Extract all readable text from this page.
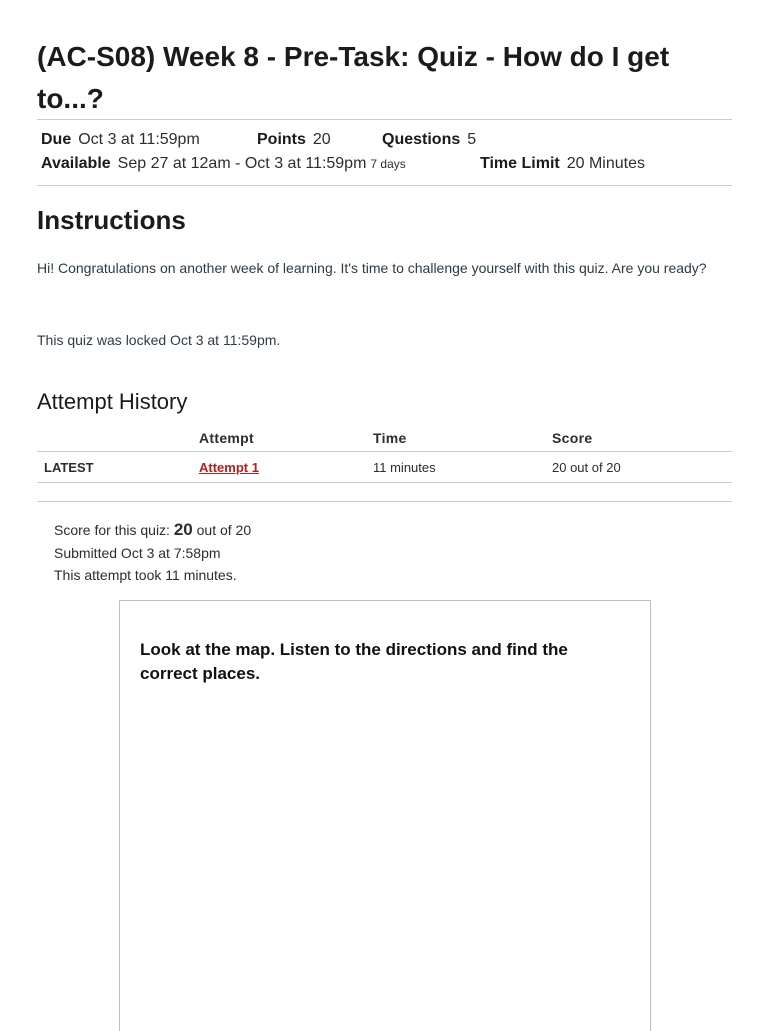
(AC-S08) Week 8 - Pre-Task: Quiz - How do I get to...?
Due Oct 3 at 11:59pm	Points 20	Questions 5
Available Sep 27 at 12am - Oct 3 at 11:59pm 7 days	Time Limit 20 Minutes
Instructions

Hi! Congratulations on another week of learning. It's time to challenge yourself with this quiz. Are you ready?

This quiz was locked Oct 3 at 11:59pm.

Attempt History
	Attempt	Time	Score
LATEST	Attempt 1	11 minutes	20 out of 20
Score for this quiz: 20 out of 20
Submitted Oct 3 at 7:58pm
This attempt took 11 minutes.

Look at the map. Listen to the directions and find the correct places.
